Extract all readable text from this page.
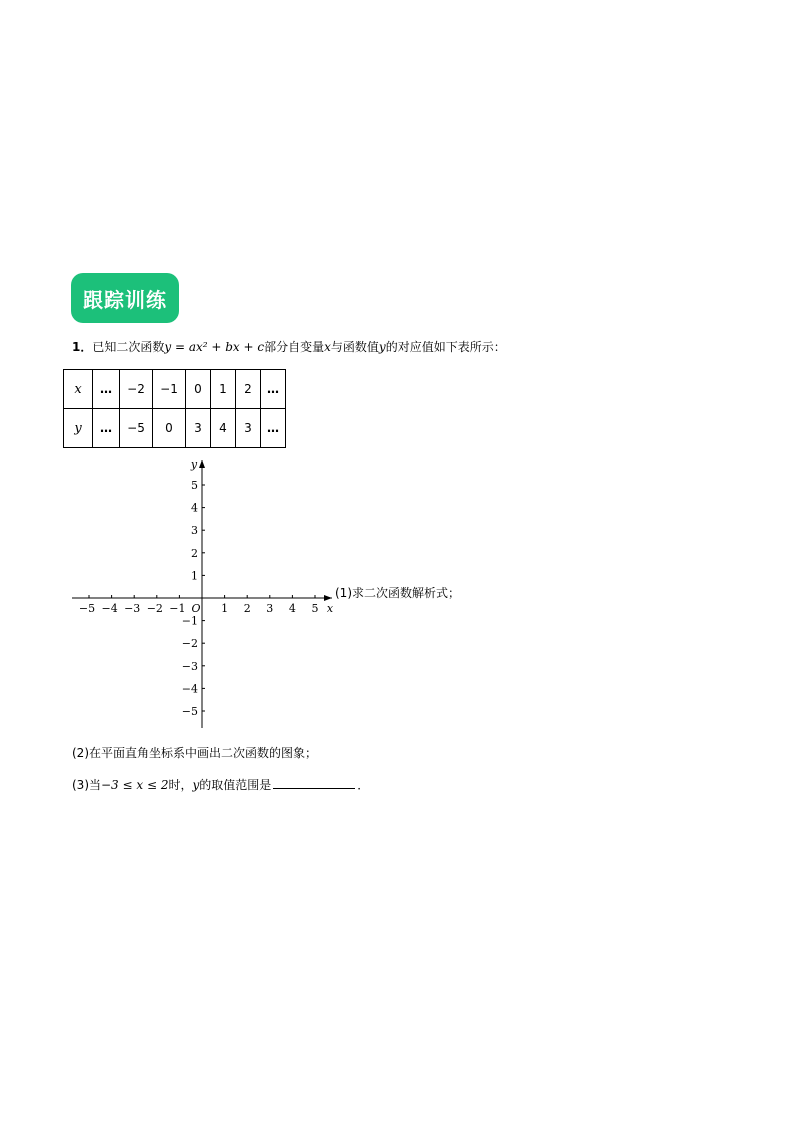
跟踪训练
1．已知二次函数y = ax² + bx + c部分自变量x与函数值y的对应值如下表所示：
x	…	−2	−1	0	1	2	…
y	…	−5	0	3	4	3	…
−5 −4 −3 −2 −1	1 2 3 4 5
5
4
3
2
1
−1
−2
−3
−4
−5
O	x
y
(1)求二次函数解析式；
(2)在平面直角坐标系中画出二次函数的图象；
(3)当−3 ≤ x ≤ 2时，y的取值范围是	．
